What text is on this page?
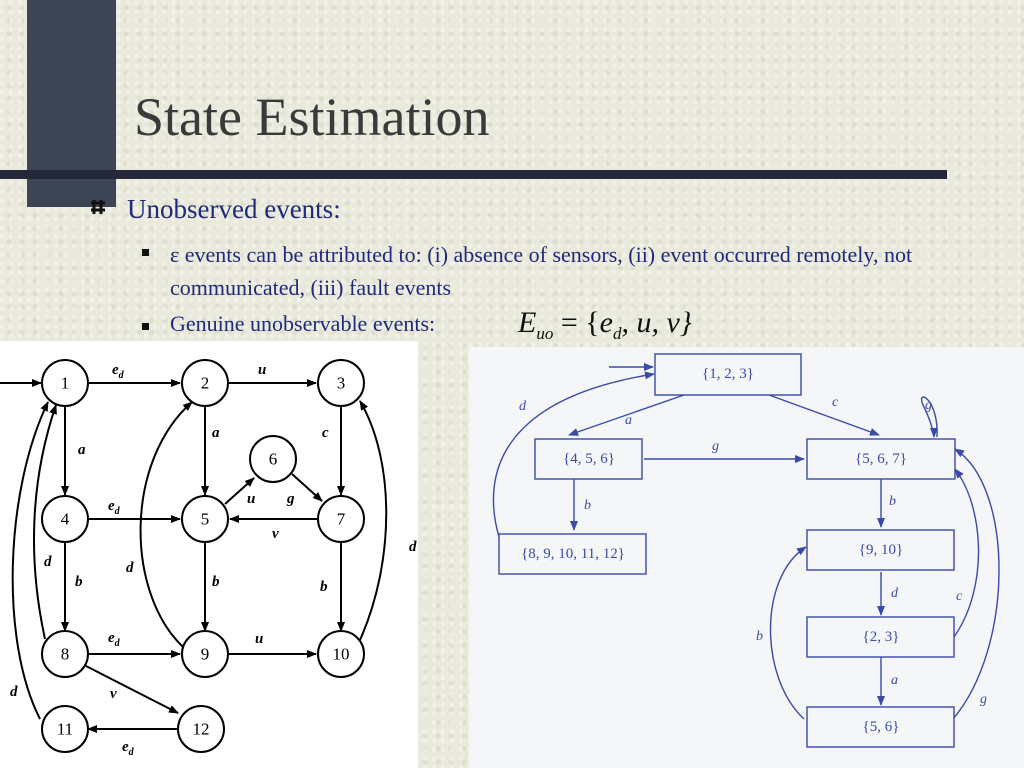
State Estimation
Unobserved events:
ε events can be attributed to: (i) absence of sensors, (ii) event occurred remotely, not communicated, (iii) fault events
Genuine unobservable events:	$E_{uo} = \{e_d$, u, v}
1	2	3
4	5
6
7
8	9	10
11	12
$e_d$	u
a
a	c
$e_d$
u g
v
b	b	b
d	d
d
d
$e_d$	u
v
$e_d$
{1, 2, 3}
{4, 5, 6}	{5, 6, 7}
{8, 9, 10, 11, 12}	{9, 10}
{2, 3}
{5, 6}
a
c
d	g
g
b	b
d	c
a
b
g
